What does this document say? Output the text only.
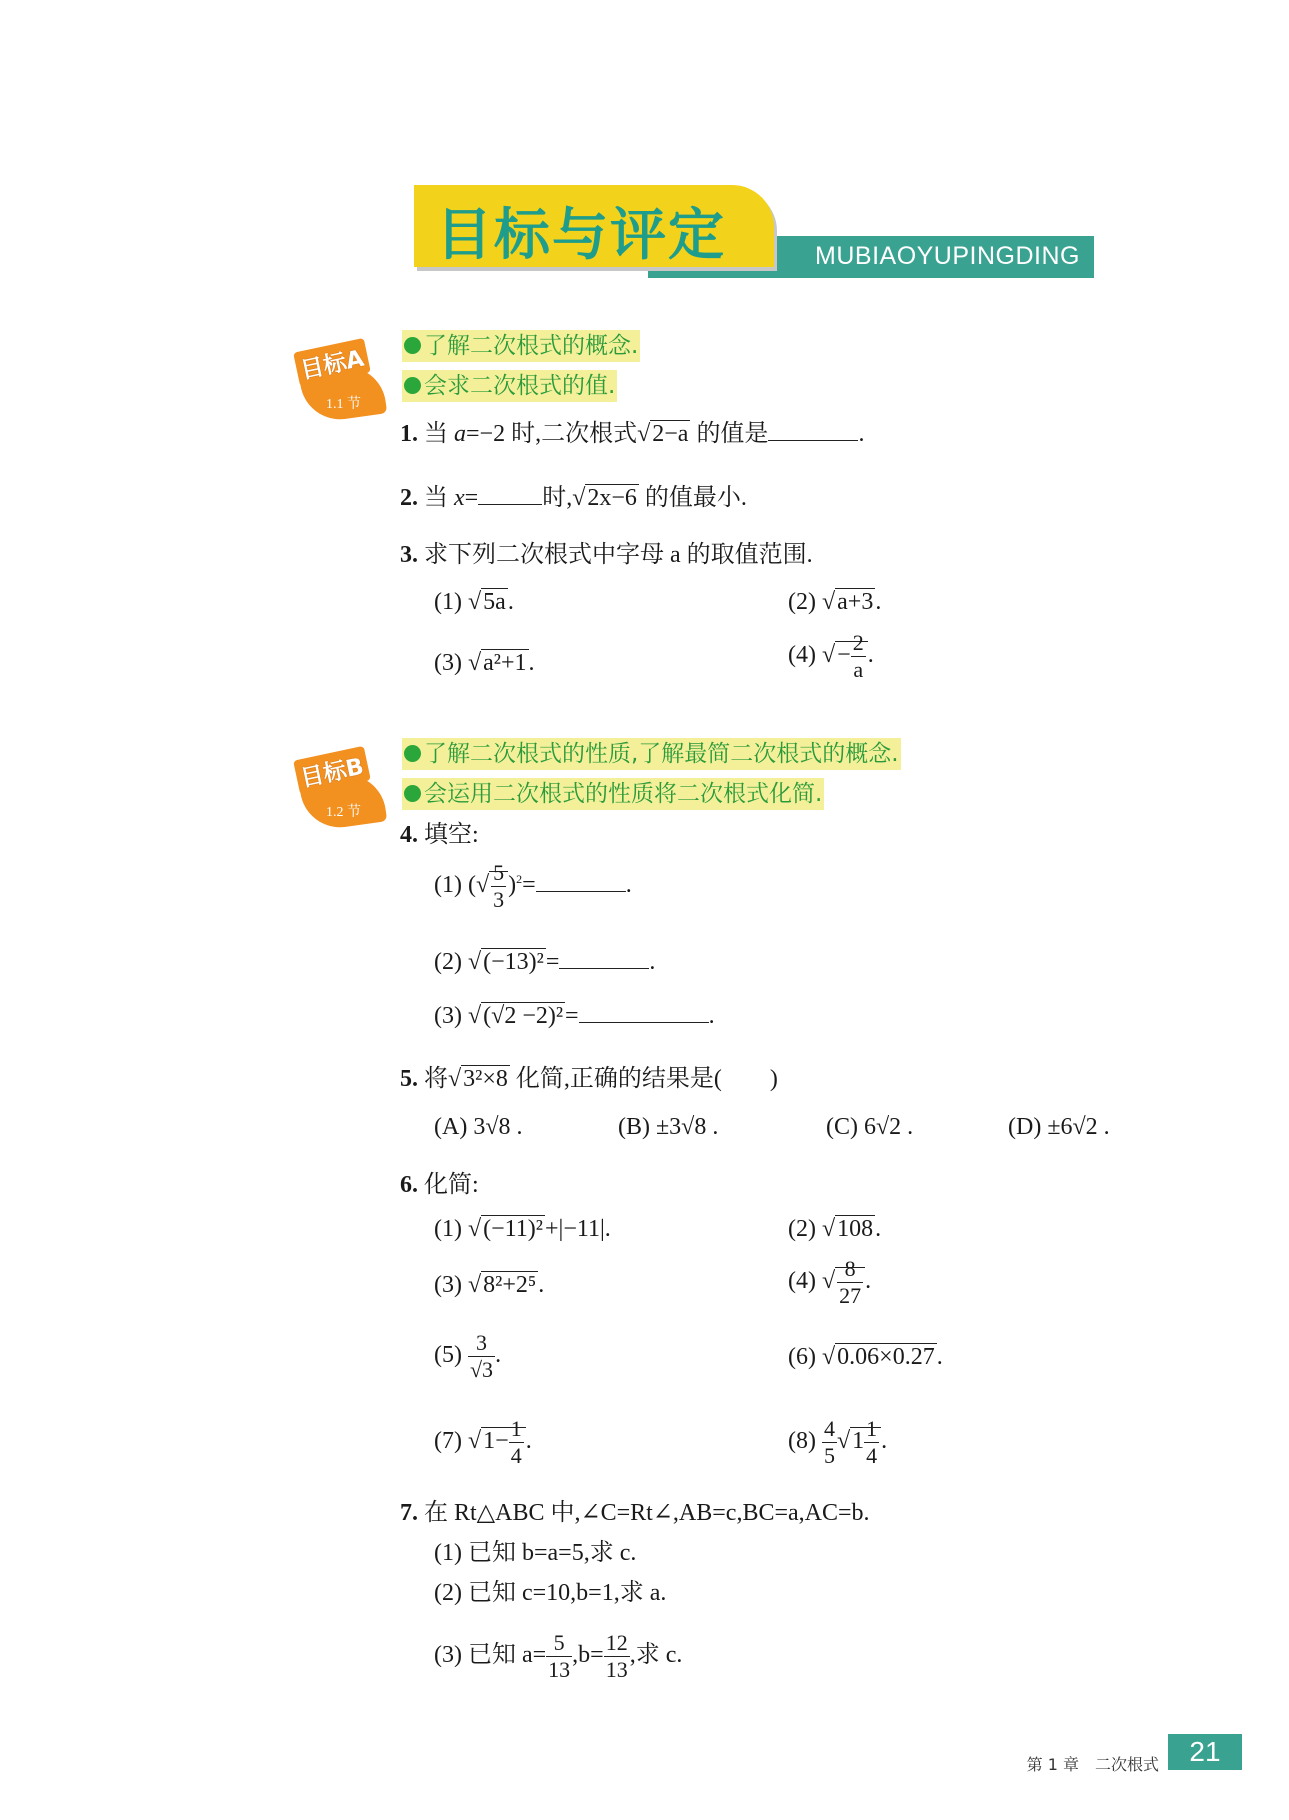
MUBIAOYUPINGDING
目标与评定
目标A
1.1 节
了解二次根式的概念.
会求二次根式的值.
1. 当 a=−2 时,二次根式√2−a 的值是	.
2. 当 x=	时,√2x−6 的值最小.
3. 求下列二次根式中字母 a 的取值范围.
(1) √5a.	(2) √a+3.
(3) √a²+1.	(4) √− $\frac{2}{a}$ .
目标B
1.2 节
了解二次根式的性质,了解最简二次根式的概念.
会运用二次根式的性质将二次根式化简.
4. 填空:
(1) (√ $\frac{5}{3} )^2=$	.
(2) √(−13)²=	.
(3) √(√2 −2)²=	.
5. 将√3²×8 化简,正确的结果是(　　)
(A) 3√8 .	(B) ±3√8 .	(C) 6√2 .	(D) ±6√2 .
6. 化简:
(1) √(−11)²+|−11|.	(2) √108.
(3) √8²+2⁵.	(4) √ $\frac{8}{27}$ .
$(5) \frac{3}{√3}$ .	(6) √0.06×0.27.
(7) $√1- \frac{1}{4}$ .	$(8) \frac{4}{5} √1 \frac{1}{4}$ .
7. 在 Rt△ABC 中,∠C=Rt∠,AB=c,BC=a,AC=b.
(1) 已知 b=a=5,求 c.
(2) 已知 c=10,b=1,求 a.
(3) 已知 $a= \frac{5}{13} ,b= \frac{12}{13}$ ,求 c.
第 1 章　二次根式	21
